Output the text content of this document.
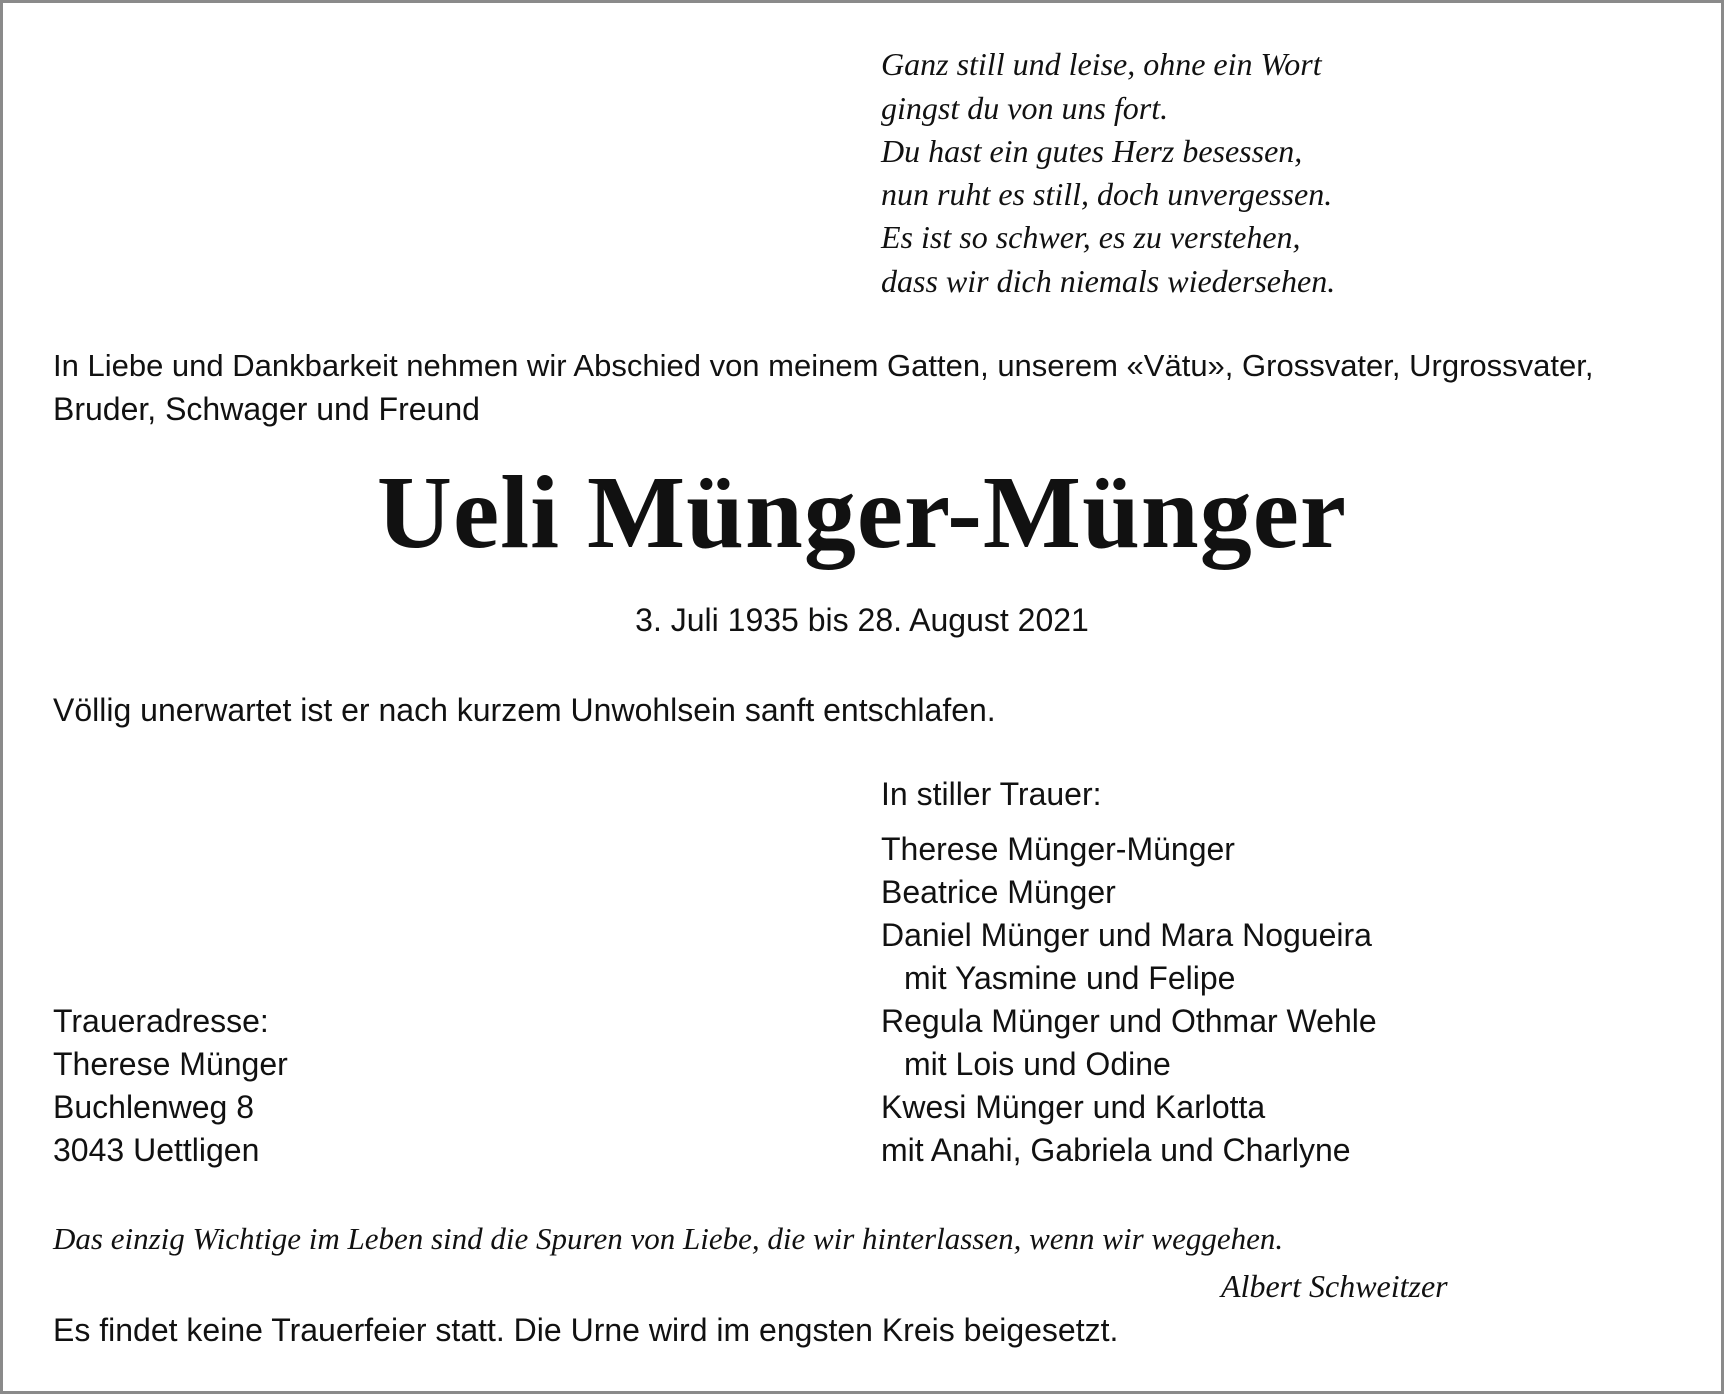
Ganz still und leise, ohne ein Wort

gingst du von uns fort.

Du hast ein gutes Herz besessen,

nun ruht es still, doch unvergessen.

Es ist so schwer, es zu verstehen,

dass wir dich niemals wiedersehen.

In Liebe und Dankbarkeit nehmen wir Abschied von meinem Gatten, unserem «Vätu», Grossvater, Urgrossvater,

Bruder, Schwager und Freund

Ueli Münger-Münger
3. Juli 1935 bis 28. August 2021

Völlig unerwartet ist er nach kurzem Unwohlsein sanft entschlafen.

In stiller Trauer:

Therese Münger-Münger

Beatrice Münger

Daniel Münger und Mara Nogueira

mit Yasmine und Felipe

Regula Münger und Othmar Wehle

mit Lois und Odine

Kwesi Münger und Karlotta

mit Anahi, Gabriela und Charlyne

Traueradresse:

Therese Münger

Buchlenweg 8

3043 Uettligen

Das einzig Wichtige im Leben sind die Spuren von Liebe, die wir hinterlassen, wenn wir weggehen.

Albert Schweitzer

Es findet keine Trauerfeier statt. Die Urne wird im engsten Kreis beigesetzt.
